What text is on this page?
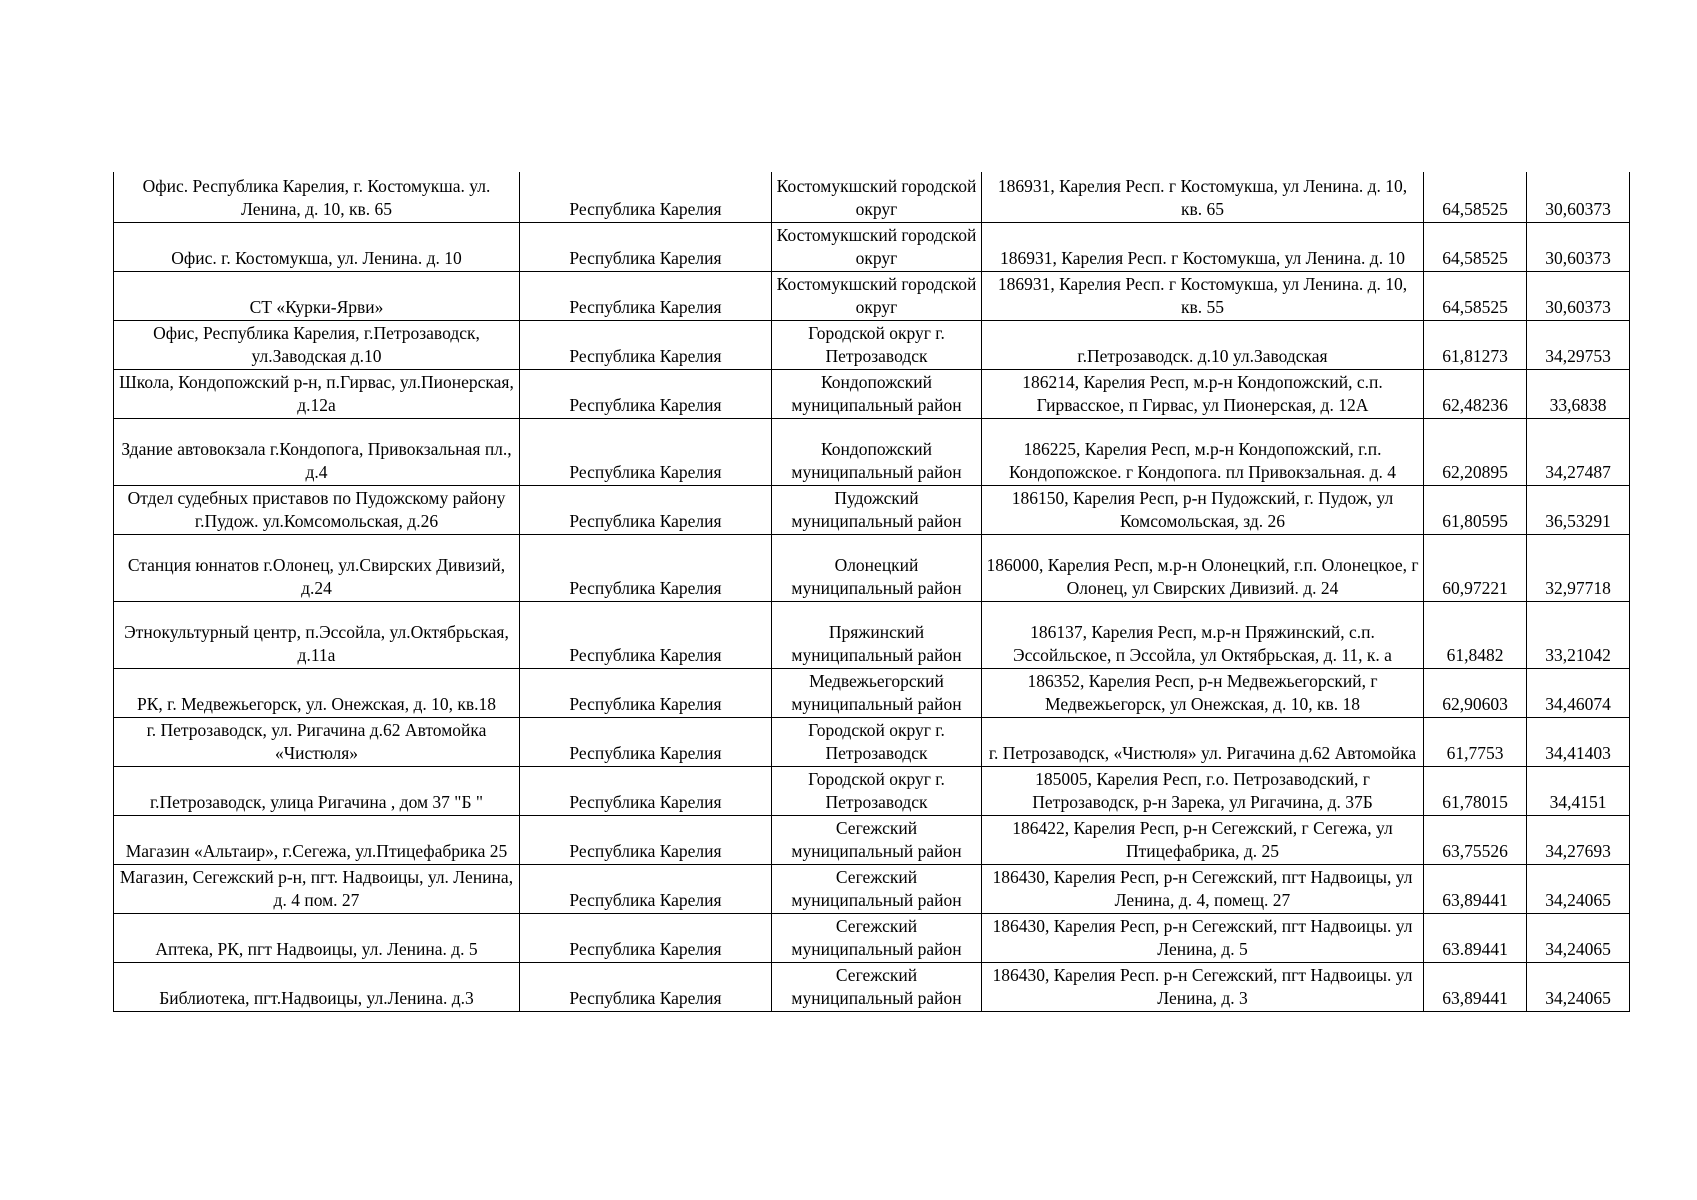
Офис. Республика Карелия, г. Костомукша. ул. Ленина, д. 10, кв. 65	Республика Карелия	Костомукшский городской округ	186931, Карелия Респ. г Костомукша, ул Ленина. д. 10, кв. 65	64,58525	30,60373
Офис. г. Костомукша, ул. Ленина. д. 10	Республика Карелия	Костомукшский городской округ	186931, Карелия Респ. г Костомукша, ул Ленина. д. 10	64,58525	30,60373
СТ «Курки-Ярви»	Республика Карелия	Костомукшский городской округ	186931, Карелия Респ. г Костомукша, ул Ленина. д. 10, кв. 55	64,58525	30,60373
Офис, Республика Карелия, г.Петрозаводск, ул.Заводская д.10	Республика Карелия	Городской округ г. Петрозаводск	г.Петрозаводск. д.10 ул.Заводская	61,81273	34,29753
Школа, Кондопожский р-н, п.Гирвас, ул.Пионерская, д.12а	Республика Карелия	Кондопожский муниципальный район	186214, Карелия Респ, м.р-н Кондопожский, с.п. Гирвасское, п Гирвас, ул Пионерская, д. 12А	62,48236	33,6838
Здание автовокзала г.Кондопога, Привокзальная пл., д.4	Республика Карелия	Кондопожский муниципальный район	186225, Карелия Респ, м.р-н Кондопожский, г.п. Кондопожское. г Кондопога. пл Привокзальная. д. 4	62,20895	34,27487
Отдел судебных приставов по Пудожскому району г.Пудож. ул.Комсомольская, д.26	Республика Карелия	Пудожский муниципальный район	186150, Карелия Респ, р-н Пудожский, г. Пудож, ул Комсомольская, зд. 26	61,80595	36,53291
Станция юннатов г.Олонец, ул.Свирских Дивизий, д.24	Республика Карелия	Олонецкий муниципальный район	186000, Карелия Респ, м.р-н Олонецкий, г.п. Олонецкое, г Олонец, ул Свирских Дивизий. д. 24	60,97221	32,97718
Этнокультурный центр, п.Эссойла, ул.Октябрьская, д.11а	Республика Карелия	Пряжинский муниципальный район	186137, Карелия Респ, м.р-н Пряжинский, с.п. Эссойльское, п Эссойла, ул Октябрьская, д. 11, к. а	61,8482	33,21042
РК, г. Медвежьегорск, ул. Онежская, д. 10, кв.18	Республика Карелия	Медвежьегорский муниципальный район	186352, Карелия Респ, р-н Медвежьегорский, г Медвежьегорск, ул Онежская, д. 10, кв. 18	62,90603	34,46074
г. Петрозаводск, ул. Ригачина д.62 Автомойка «Чистюля»	Республика Карелия	Городской округ г. Петрозаводск	г. Петрозаводск, «Чистюля» ул. Ригачина д.62 Автомойка	61,7753	34,41403
г.Петрозаводск, улица Ригачина , дом 37 "Б "	Республика Карелия	Городской округ г. Петрозаводск	185005, Карелия Респ, г.о. Петрозаводский, г Петрозаводск, р-н Зарека, ул Ригачина, д. 37Б	61,78015	34,4151
Магазин «Альтаир», г.Сегежа, ул.Птицефабрика 25	Республика Карелия	Сегежский муниципальный район	186422, Карелия Респ, р-н Сегежский, г Сегежа, ул Птицефабрика, д. 25	63,75526	34,27693
Магазин, Сегежский р-н, пгт. Надвоицы, ул. Ленина, д. 4 пом. 27	Республика Карелия	Сегежский муниципальный район	186430, Карелия Респ, р-н Сегежский, пгт Надвоицы, ул Ленина, д. 4, помещ. 27	63,89441	34,24065
Аптека, РК, пгт Надвоицы, ул. Ленина. д. 5	Республика Карелия	Сегежский муниципальный район	186430, Карелия Респ, р-н Сегежский, пгт Надвоицы. ул Ленина, д. 5	63.89441	34,24065
Библиотека, пгт.Надвоицы, ул.Ленина. д.3	Республика Карелия	Сегежский муниципальный район	186430, Карелия Респ. р-н Сегежский, пгт Надвоицы. ул Ленина, д. 3	63,89441	34,24065
